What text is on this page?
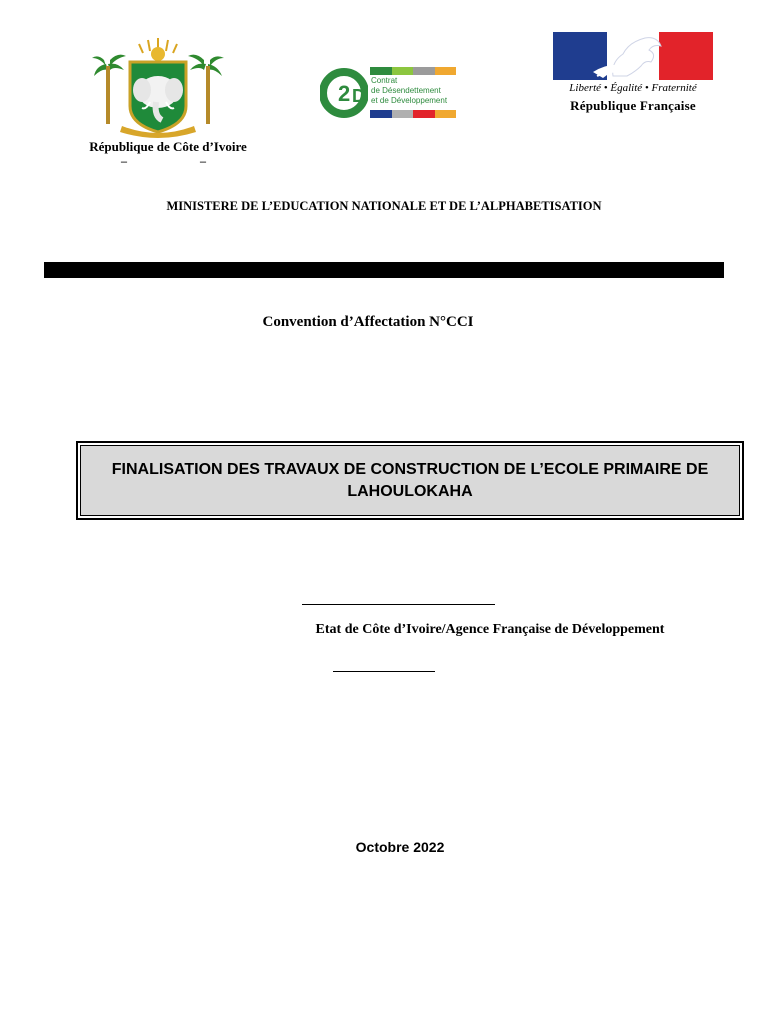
République de Côte d’Ivoire
–	–
2 D
Contrat
de Désendettement
et de Développement
Liberté • Égalité • Fraternité
République Française
MINISTERE DE L’EDUCATION NATIONALE ET DE L’ALPHABETISATION
Convention d’Affectation N°CCI
FINALISATION DES TRAVAUX DE CONSTRUCTION DE L’ECOLE PRIMAIRE DE LAHOULOKAHA
Etat de Côte d’Ivoire/Agence Française de Développement
Octobre 2022
